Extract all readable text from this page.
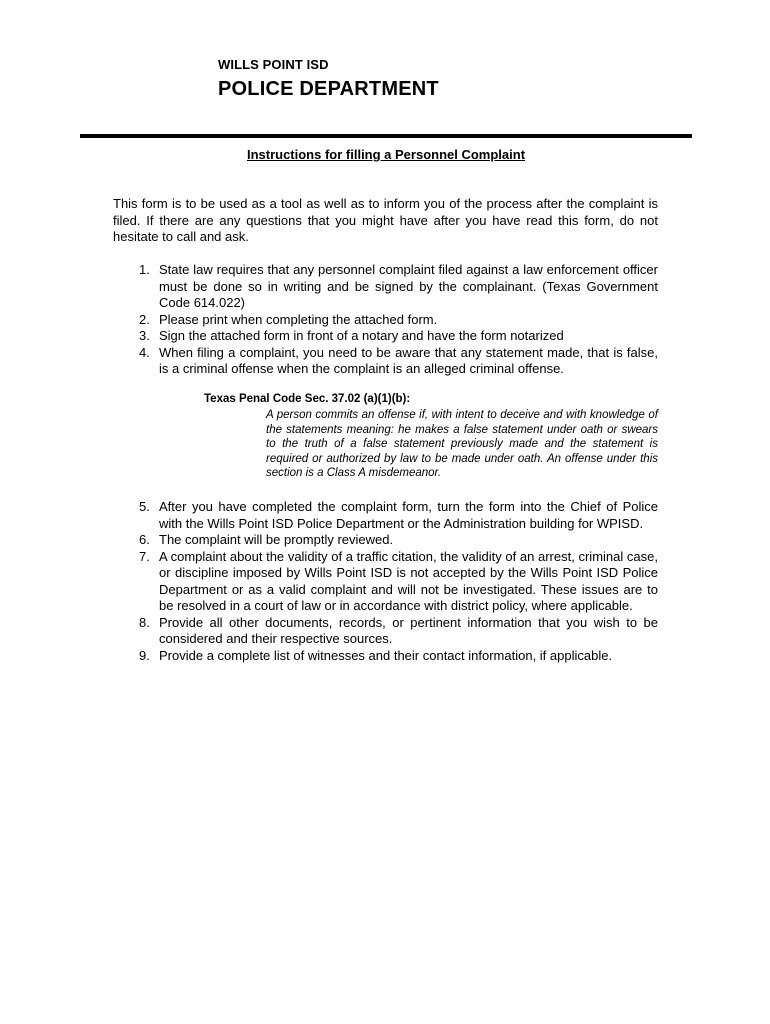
WILLS POINT ISD
POLICE DEPARTMENT
Instructions for filling a Personnel Complaint

This form is to be used as a tool as well as to inform you of the process after the complaint is filed. If there are any questions that you might have after you have read this form, do not hesitate to call and ask.

1. State law requires that any personnel complaint filed against a law enforcement officer must be done so in writing and be signed by the complainant. (Texas Government Code 614.022)
2. Please print when completing the attached form.
3. Sign the attached form in front of a notary and have the form notarized
4. When filing a complaint, you need to be aware that any statement made, that is false, is a criminal offense when the complaint is an alleged criminal offense.
Texas Penal Code Sec. 37.02 (a)(1)(b):

A person commits an offense if, with intent to deceive and with knowledge of the statements meaning: he makes a false statement under oath or swears to the truth of a false statement previously made and the statement is required or authorized by law to be made under oath. An offense under this section is a Class A misdemeanor.

5. After you have completed the complaint form, turn the form into the Chief of Police with the Wills Point ISD Police Department or the Administration building for WPISD.
6. The complaint will be promptly reviewed.
7. A complaint about the validity of a traffic citation, the validity of an arrest, criminal case, or discipline imposed by Wills Point ISD is not accepted by the Wills Point ISD Police Department or as a valid complaint and will not be investigated. These issues are to be resolved in a court of law or in accordance with district policy, where applicable.
8. Provide all other documents, records, or pertinent information that you wish to be considered and their respective sources.
9. Provide a complete list of witnesses and their contact information, if applicable.
